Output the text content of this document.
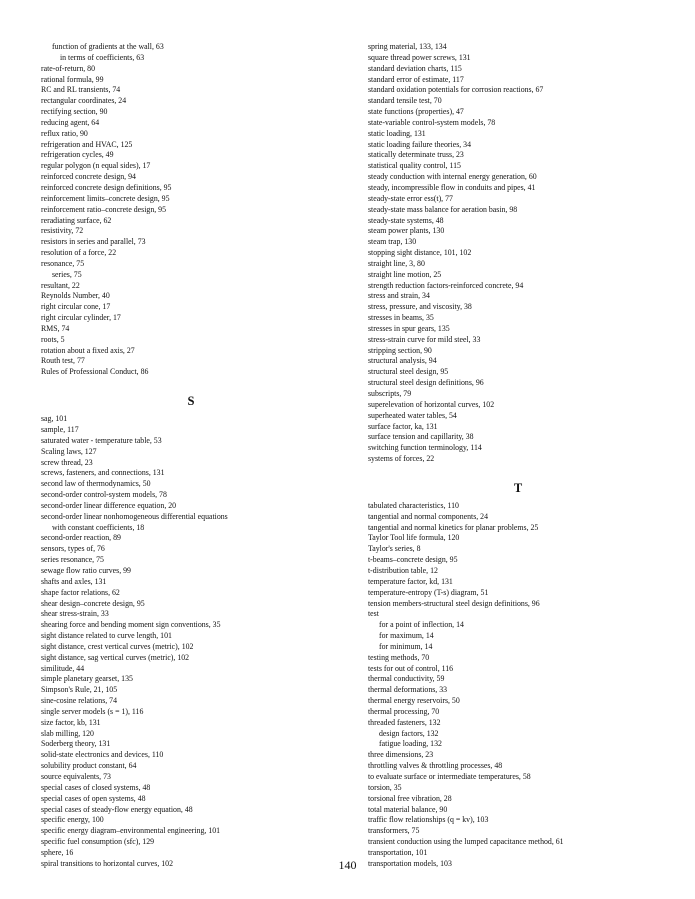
function of gradients at the wall, 63
in terms of coefficients, 63
rate-of-return, 80
rational formula, 99
RC and RL transients, 74
rectangular coordinates, 24
rectifying section, 90
reducing agent, 64
reflux ratio, 90
refrigeration and HVAC, 125
refrigeration cycles, 49
regular polygon (n equal sides), 17
reinforced concrete design, 94
reinforced concrete design definitions, 95
reinforcement limits–concrete design, 95
reinforcement ratio–concrete design, 95
reradiating surface, 62
resistivity, 72
resistors in series and parallel, 73
resolution of a force, 22
resonance, 75
series, 75
resultant, 22
Reynolds Number, 40
right circular cone, 17
right circular cylinder, 17
RMS, 74
roots, 5
rotation about a fixed axis, 27
Routh test, 77
Rules of Professional Conduct, 86
S
sag, 101
sample, 117
saturated water - temperature table, 53
Scaling laws, 127
screw thread, 23
screws, fasteners, and connections, 131
second law of thermodynamics, 50
second-order control-system models, 78
second-order linear difference equation, 20
second-order linear nonhomogeneous differential equations
with constant coefficients, 18
second-order reaction, 89
sensors, types of, 76
series resonance, 75
sewage flow ratio curves, 99
shafts and axles, 131
shape factor relations, 62
shear design–concrete design, 95
shear stress-strain, 33
shearing force and bending moment sign conventions, 35
sight distance related to curve length, 101
sight distance, crest vertical curves (metric), 102
sight distance, sag vertical curves (metric), 102
similitude, 44
simple planetary gearset, 135
Simpson's Rule, 21, 105
sine-cosine relations, 74
single server models (s = 1), 116
size factor, kb, 131
slab milling, 120
Soderberg theory, 131
solid-state electronics and devices, 110
solubility product constant, 64
source equivalents, 73
special cases of closed systems, 48
special cases of open systems, 48
special cases of steady-flow energy equation, 48
specific energy, 100
specific energy diagram–environmental engineering, 101
specific fuel consumption (sfc), 129
sphere, 16
spiral transitions to horizontal curves, 102
spring material, 133, 134
square thread power screws, 131
standard deviation charts, 115
standard error of estimate, 117
standard oxidation potentials for corrosion reactions, 67
standard tensile test, 70
state functions (properties), 47
state-variable control-system models, 78
static loading, 131
static loading failure theories, 34
statically determinate truss, 23
statistical quality control, 115
steady conduction with internal energy generation, 60
steady, incompressible flow in conduits and pipes, 41
steady-state error ess(t), 77
steady-state mass balance for aeration basin, 98
steady-state systems, 48
steam power plants, 130
steam trap, 130
stopping sight distance, 101, 102
straight line, 3, 80
straight line motion, 25
strength reduction factors-reinforced concrete, 94
stress and strain, 34
stress, pressure, and viscosity, 38
stresses in beams, 35
stresses in spur gears, 135
stress-strain curve for mild steel, 33
stripping section, 90
structural analysis, 94
structural steel design, 95
structural steel design definitions, 96
subscripts, 79
superelevation of horizontal curves, 102
superheated water tables, 54
surface factor, ka, 131
surface tension and capillarity, 38
switching function terminology, 114
systems of forces, 22
T
tabulated characteristics, 110
tangential and normal components, 24
tangential and normal kinetics for planar problems, 25
Taylor Tool life formula, 120
Taylor's series, 8
t-beams–concrete design, 95
t-distribution table, 12
temperature factor, kd, 131
temperature-entropy (T-s) diagram, 51
tension members-structural steel design definitions, 96
test
for a point of inflection, 14
for maximum, 14
for minimum, 14
testing methods, 70
tests for out of control, 116
thermal conductivity, 59
thermal deformations, 33
thermal energy reservoirs, 50
thermal processing, 70
threaded fasteners, 132
design factors, 132
fatigue loading, 132
three dimensions, 23
throttling valves & throttling processes, 48
to evaluate surface or intermediate temperatures, 58
torsion, 35
torsional free vibration, 28
total material balance, 90
traffic flow relationships (q = kv), 103
transformers, 75
transient conduction using the lumped capacitance method, 61
transportation, 101
transportation models, 103
140
